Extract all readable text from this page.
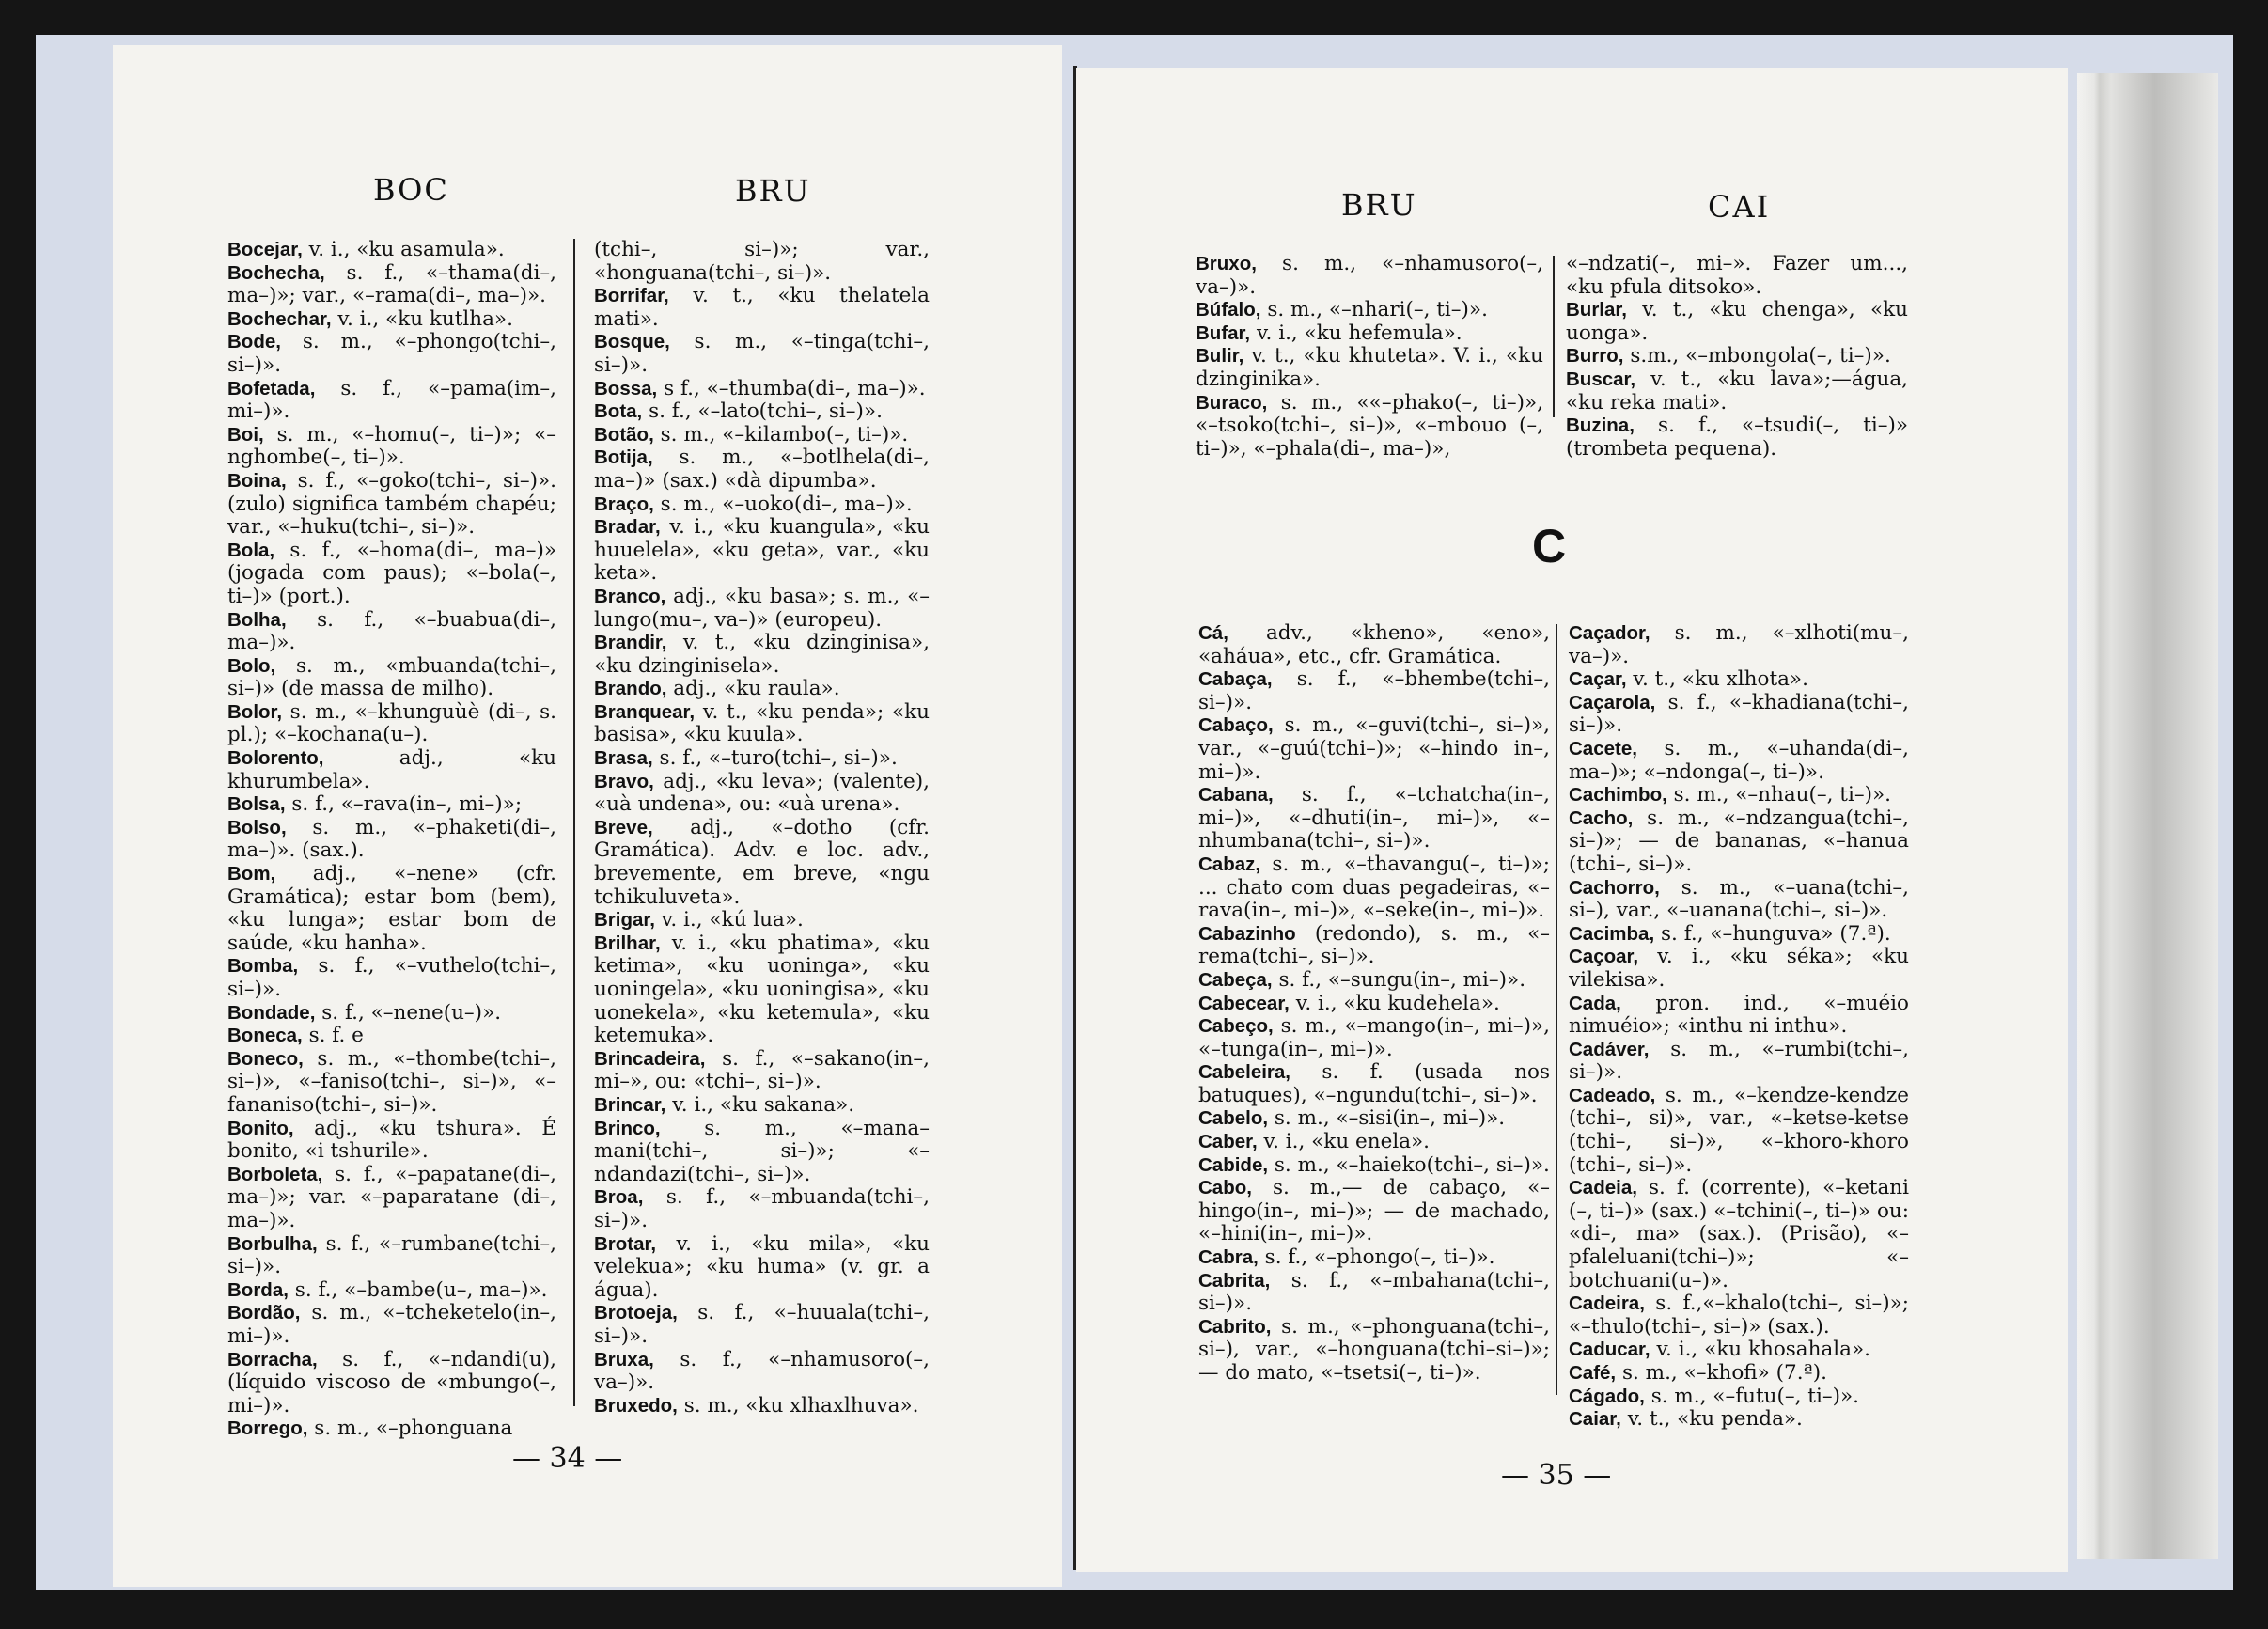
BOC	BRU

Bocejar, v. i., «ku asamula».

Bochecha, s. f., «–thama(di–, ma–)»; var., «–rama(di–, ma–)».

Bochechar, v. i., «ku kutlha».

Bode, s. m., «–phongo(tchi–, si–)».

Bofetada, s. f., «–pama(im–, mi–)».

Boi, s. m., «–homu(–, ti–)»; «–nghombe(–, ti–)».

Boina, s. f., «–goko(tchi–, si–)». (zulo) significa também chapéu; var., «–huku(tchi–, si–)».

Bola, s. f., «–homa(di–, ma–)» (jogada com paus); «–bola(–, ti–)» (port.).

Bolha, s. f., «–buabua(di–, ma–)».

Bolo, s. m., «mbuanda(tchi–, si–)» (de massa de milho).

Bolor, s. m., «–khunguùè (di–, s. pl.); «–kochana(u–).

Bolorento,	adj., «ku khurumbela».

Bolsa, s. f., «–rava(in–, mi–)»;

Bolso, s. m., «–phaketi(di–, ma–)». (sax.).

Bom, adj., «–nene» (cfr. Gramática); estar bom (bem), «ku lunga»; estar bom de saúde, «ku hanha».

Bomba, s. f., «–vuthelo(tchi–, si–)».

Bondade, s. f., «–nene(u–)».

Boneca, s. f. e

Boneco, s. m., «–thombe(tchi–, si–)», «–faniso(tchi–, si–)», «–fananiso(tchi–, si–)».

Bonito, adj., «ku tshura». É bonito, «i tshurile».

Borboleta, s. f., «–papatane(di–, ma–)»; var. «–paparatane (di–, ma–)».

Borbulha, s. f., «–rumbane(tchi–, si–)».

Borda, s. f., «–bambe(u–, ma–)».

Bordão, s. m., «–tcheketelo(in–, mi–)».

Borracha, s. f., «–ndandi(u), (líquido viscoso de «mbungo(–, mi–)».

Borrego, s. m., «–phonguana

(tchi–, si–)»; var., «honguana(tchi–, si–)».

Borrifar, v. t., «ku thelatela mati».

Bosque, s. m., «–tinga(tchi–, si–)».

Bossa, s f., «–thumba(di–, ma–)».

Bota, s. f., «–lato(tchi–, si–)».

Botão, s. m., «–kilambo(–, ti–)».

Botija, s. m., «–botlhela(di–, ma–)» (sax.) «dà dipumba».

Braço, s. m., «–uoko(di–, ma–)».

Bradar, v. i., «ku kuangula», «ku huuelela», «ku geta», var., «ku keta».

Branco, adj., «ku basa»; s. m., «–lungo(mu–, va–)» (europeu).

Brandir, v. t., «ku dzinginisa», «ku dzinginisela».

Brando, adj., «ku raula».

Branquear, v. t., «ku penda»; «ku basisa», «ku kuula».

Brasa, s. f., «–turo(tchi–, si–)».

Bravo, adj., «ku leva»; (valente), «uà undena», ou: «uà urena».

Breve, adj., «–dotho (cfr. Gramática). Adv. e loc. adv., brevemente, em breve, «ngu tchikuluveta».

Brigar, v. i., «kú lua».

Brilhar, v. i., «ku phatima», «ku ketima», «ku uoninga», «ku uoningela», «ku uoningisa», «ku uonekela», «ku ketemula», «ku ketemuka».

Brincadeira, s. f., «–sakano(in–, mi–», ou: «tchi–, si–)».

Brincar, v. i., «ku sakana».

Brinco, s. m., «–mana–mani(tchi–, si–)»; «–ndandazi(tchi–, si–)».

Broa, s. f., «–mbuanda(tchi–, si–)».

Brotar, v. i., «ku mila», «ku velekua»; «ku huma» (v. gr. a água).

Brotoeja, s. f., «–huuala(tchi–, si–)».

Bruxa, s. f., «–nhamusoro(–, va–)».

Bruxedo, s. m., «ku xlhaxlhuva».

— 34 —
BRU	CAI

Bruxo, s. m., «–nhamusoro(–, va–)».

Búfalo, s. m., «–nhari(–, ti–)».

Bufar, v. i., «ku hefemula».

Bulir, v. t., «ku khuteta». V. i., «ku dzinginika».

Buraco, s. m., ««–phako(–, ti–)», «–tsoko(tchi–, si–)», «–mbouo (–, ti–)», «–phala(di–, ma–)»,

«–ndzati(–, mi–». Fazer um..., «ku pfula ditsoko».

Burlar, v. t., «ku chenga», «ku uonga».

Burro, s.m., «–mbongola(–, ti–)».

Buscar, v. t., «ku lava»;—água, «ku reka mati».

Buzina, s. f., «–tsudi(–, ti–)» (trombeta pequena).

C

Cá, adv., «kheno», «eno», «aháua», etc., cfr. Gramática.

Cabaça, s. f., «–bhembe(tchi–, si–)».

Cabaço, s. m., «–guvi(tchi–, si–)», var., «–guú(tchi–)»; «–hindo in–, mi–)».

Cabana, s. f., «–tchatcha(in–, mi–)», «–dhuti(in–, mi–)», «–nhumbana(tchi–, si–)».

Cabaz, s. m., «–thavangu(–, ti–)»; ... chato com duas pegadeiras, «–rava(in–, mi–)», «–seke(in–, mi–)».

Cabazinho (redondo), s. m., «–rema(tchi–, si–)».

Cabeça, s. f., «–sungu(in–, mi–)».

Cabecear, v. i., «ku kudehela».

Cabeço, s. m., «–mango(in–, mi–)», «–tunga(in–, mi–)».

Cabeleira, s. f. (usada nos batuques), «–ngundu(tchi–, si–)».

Cabelo, s. m., «–sisi(in–, mi–)».

Caber, v. i., «ku enela».

Cabide, s. m., «–haieko(tchi–, si–)».

Cabo, s. m.,— de cabaço, «–hingo(in–, mi–)»; — de machado, «–hini(in–, mi–)».

Cabra, s. f., «–phongo(–, ti–)».

Cabrita, s. f., «–mbahana(tchi–, si–)».

Cabrito, s. m., «–phonguana(tchi–, si–), var., «–honguana(tchi–si–)»; — do mato, «–tsetsi(–, ti–)».

Caçador, s. m., «–xlhoti(mu–, va–)».

Caçar, v. t., «ku xlhota».

Caçarola, s. f., «–khadiana(tchi–, si–)».

Cacete, s. m., «–uhanda(di–, ma–)»; «–ndonga(–, ti–)».

Cachimbo, s. m., «–nhau(–, ti–)».

Cacho, s. m., «–ndzangua(tchi–, si–)»; — de bananas, «–hanua (tchi–, si–)».

Cachorro, s. m., «–uana(tchi–, si–), var., «–uanana(tchi–, si–)».

Cacimba, s. f., «–hunguva» (7.ª).

Caçoar, v. i., «ku séka»; «ku vilekisa».

Cada, pron. ind., «–muéio nimuéio»; «inthu ni inthu».

Cadáver, s. m., «–rumbi(tchi–, si–)».

Cadeado, s. m., «–kendze-kendze (tchi–, si)», var., «–ketse-ketse (tchi–, si–)», «–khoro-khoro (tchi–, si–)».

Cadeia, s. f. (corrente), «–ketani (–, ti–)» (sax.) «–tchini(–, ti–)» ou: «di–, ma» (sax.). (Prisão), «–pfaleluani(tchi–)»; «–botchuani(u–)».

Cadeira, s. f.,«–khalo(tchi–, si–)»; «–thulo(tchi–, si–)» (sax.).

Caducar, v. i., «ku khosahala».

Café, s. m., «–khofi» (7.ª).

Cágado, s. m., «–futu(–, ti–)».

Caiar, v. t., «ku penda».

— 35 —
